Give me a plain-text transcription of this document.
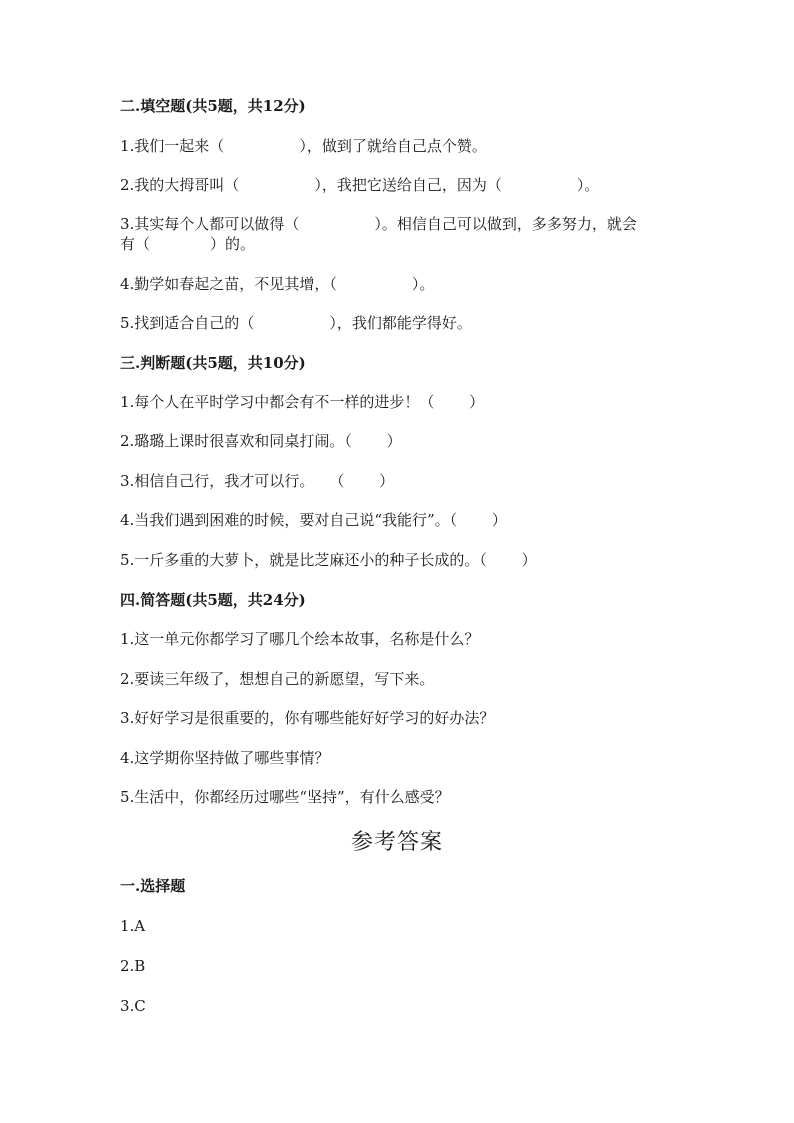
二.填空题(共5题，共12分)
1.我们一起来（　　　　　），做到了就给自己点个赞。
2.我的大拇哥叫（　　　　　），我把它送给自己，因为（　　　　　）。
3.其实每个人都可以做得（　　　　　）。相信自己可以做到，多多努力，就会
有（　　　　）的。
4.勤学如春起之苗，不见其增，（　　　　　）。
5.找到适合自己的（　　　　　），我们都能学得好。
三.判断题(共5题，共10分)
1.每个人在平时学习中都会有不一样的进步！（　　 ）
2.璐璐上课时很喜欢和同桌打闹。（　　 ）
3.相信自己行，我才可以行。　　（　　 ）
4.当我们遇到困难的时候，要对自己说“我能行”。（　　 ）
5.一斤多重的大萝卜，就是比芝麻还小的种子长成的。（　　 ）
四.简答题(共5题，共24分)
1.这一单元你都学习了哪几个绘本故事，名称是什么？
2.要读三年级了，想想自己的新愿望，写下来。
3.好好学习是很重要的，你有哪些能好好学习的好办法？
4.这学期你坚持做了哪些事情？
5.生活中，你都经历过哪些“坚持”，有什么感受？
参考答案
一.选择题
1.A
2.B
3.C
